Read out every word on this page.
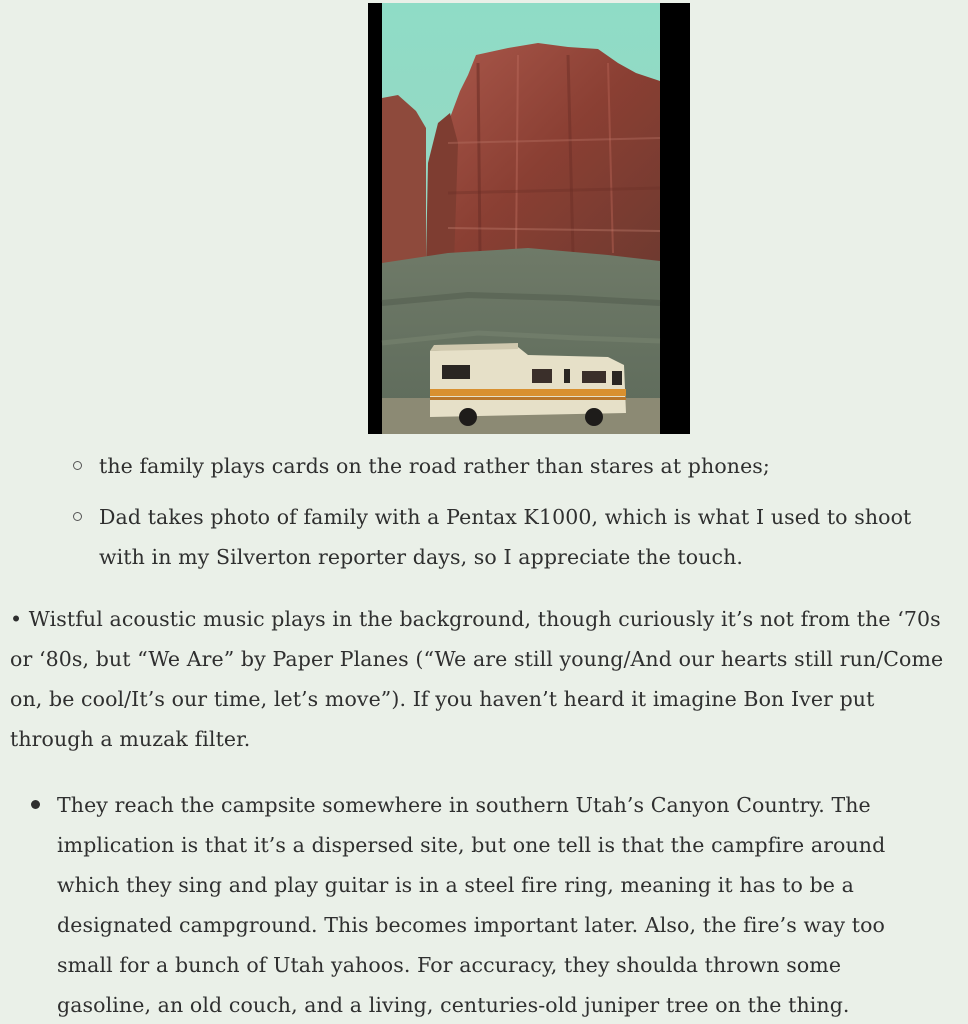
the family plays cards on the road rather than stares at phones;
Dad takes photo of family with a Pentax K1000, which is what I used to shoot with in my Silverton reporter days, so I appreciate the touch.

• Wistful acoustic music plays in the background, though curiously it’s not from the ‘70s or ‘80s, but “We Are” by Paper Planes (“We are still young/And our hearts still run/Come on, be cool/It’s our time, let’s move”). If you haven’t heard it imagine Bon Iver put through a muzak filter.

They reach the campsite somewhere in southern Utah’s Canyon Country. The implication is that it’s a dispersed site, but one tell is that the campfire around which they sing and play guitar is in a steel fire ring, meaning it has to be a designated campground. This becomes important later. Also, the fire’s way too small for a bunch of Utah yahoos. For accuracy, they shoulda thrown some gasoline, an old couch, and a living, centuries-old juniper tree on the thing.
